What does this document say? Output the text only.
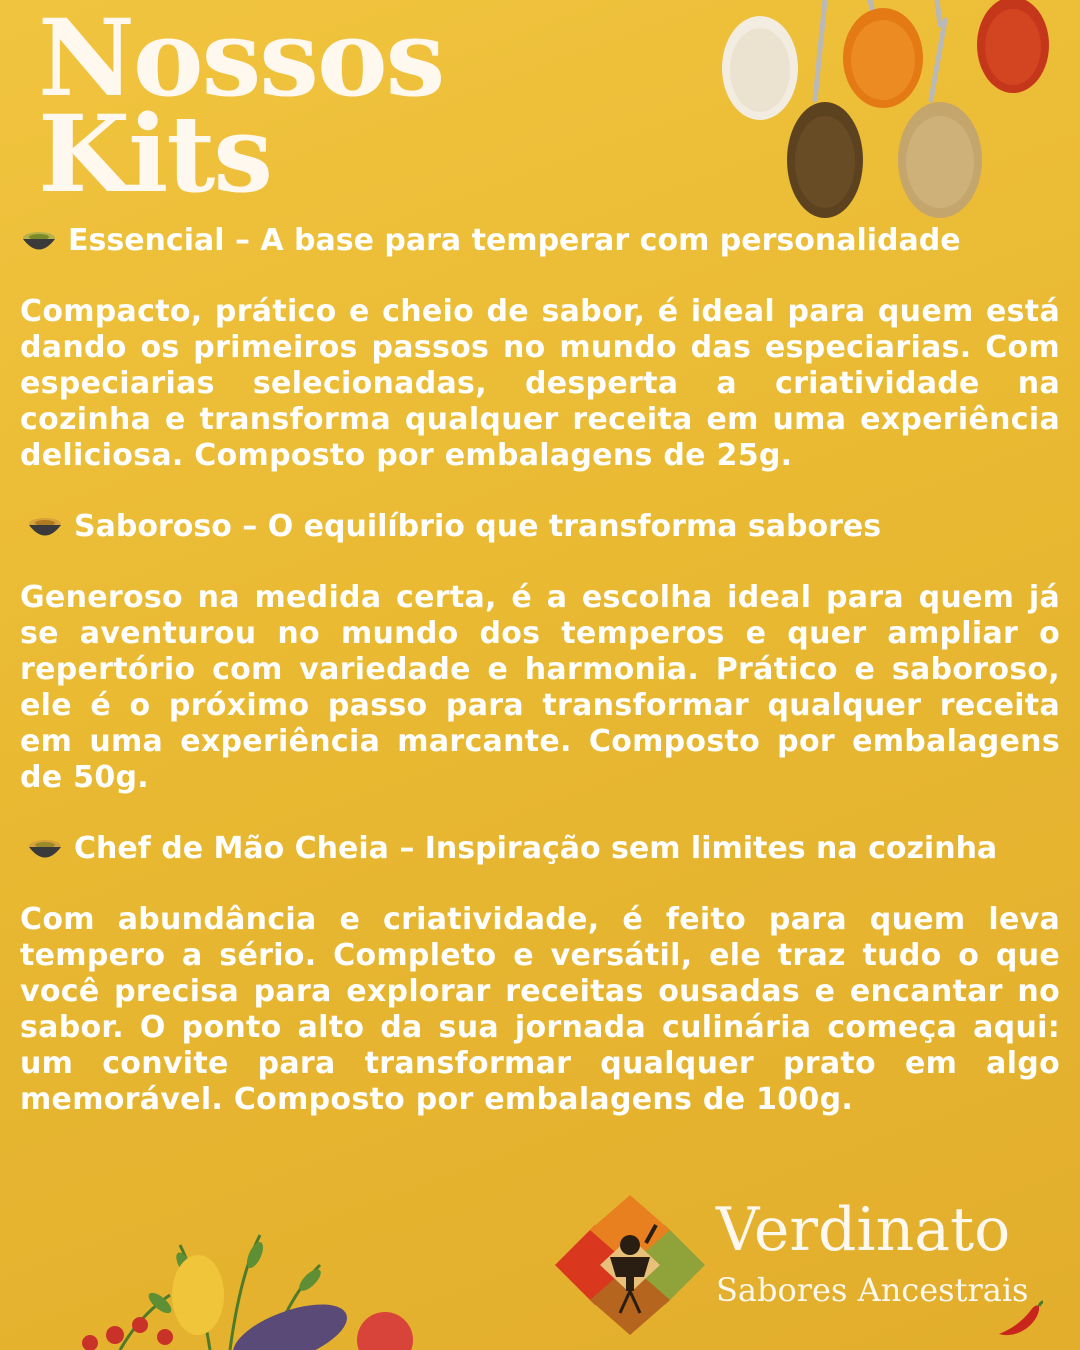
Nossos
Kits
Essencial – A base para temperar com personalidade

Compacto, prático e cheio de sabor, é ideal para quem está dando os primeiros passos no mundo das especiarias. Com especiarias selecionadas, desperta a criatividade na cozinha e transforma qualquer receita em uma experiência deliciosa. Composto por embalagens de 25g.

Saboroso – O equilíbrio que transforma sabores

Generoso na medida certa, é a escolha ideal para quem já se aventurou no mundo dos temperos e quer ampliar o repertório com variedade e harmonia. Prático e saboroso, ele é o próximo passo para transformar qualquer receita em uma experiência marcante. Composto por embalagens de 50g.

Chef de Mão Cheia – Inspiração sem limites na cozinha

Com abundância e criatividade, é feito para quem leva tempero a sério. Completo e versátil, ele traz tudo o que você precisa para explorar receitas ousadas e encantar no sabor. O ponto alto da sua jornada culinária começa aqui: um convite para transformar qualquer prato em algo memorável. Composto por embalagens de 100g.

Verdinato
Sabores Ancestrais
